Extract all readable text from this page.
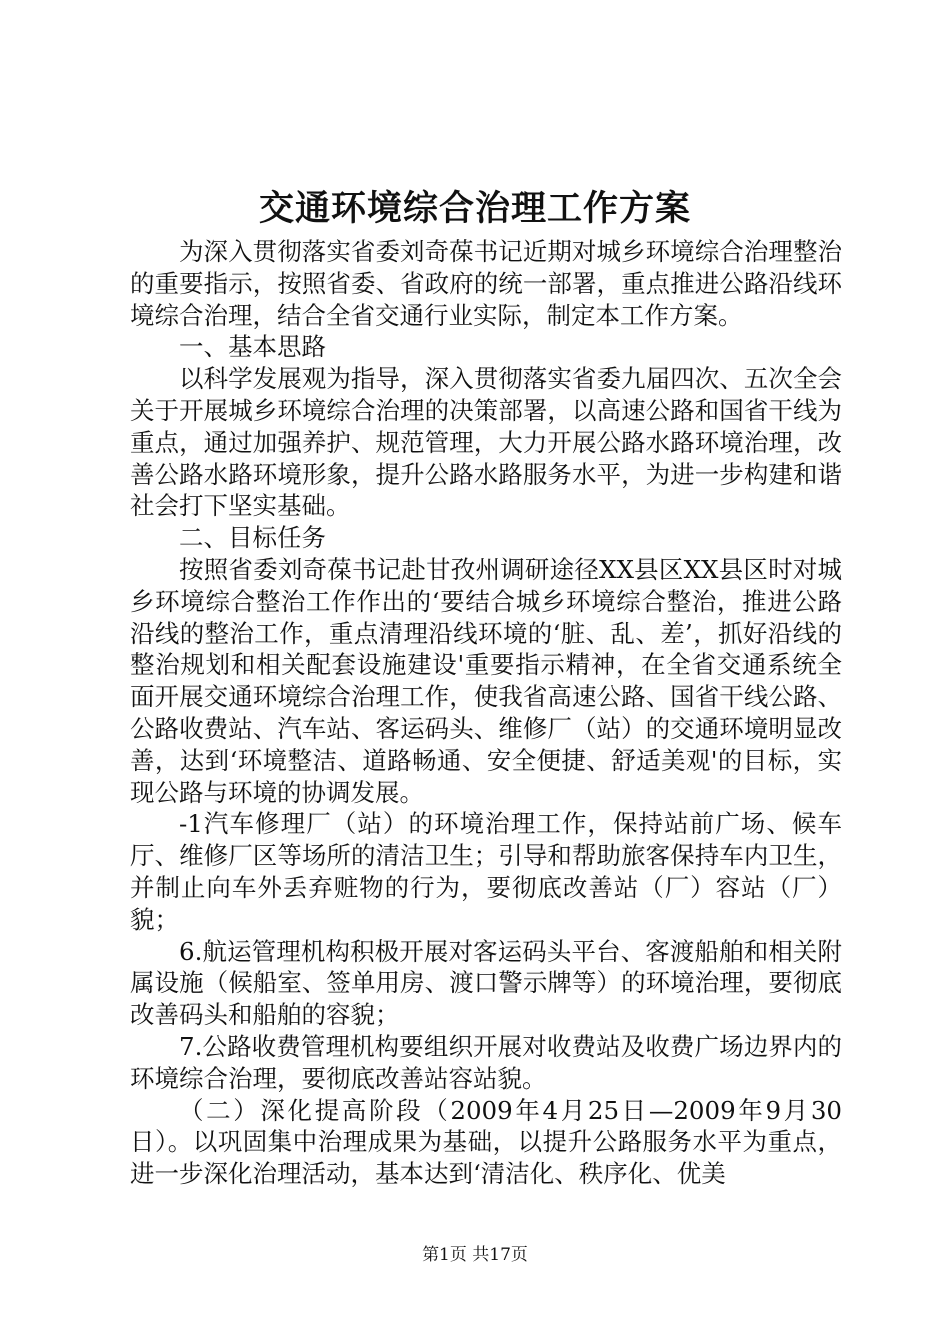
交通环境综合治理工作方案

为深入贯彻落实省委刘奇葆书记近期对城乡环境综合治理整治的重要指示，按照省委、省政府的统一部署，重点推进公路沿线环境综合治理，结合全省交通行业实际，制定本工作方案。

一、基本思路

以科学发展观为指导，深入贯彻落实省委九届四次、五次全会关于开展城乡环境综合治理的决策部署，以高速公路和国省干线为重点，通过加强养护、规范管理，大力开展公路水路环境治理，改善公路水路环境形象，提升公路水路服务水平，为进一步构建和谐社会打下坚实基础。

二、目标任务

按照省委刘奇葆书记赴甘孜州调研途径XX县区XX县区时对城乡环境综合整治工作作出的‘要结合城乡环境综合整治，推进公路沿线的整治工作，重点清理沿线环境的‘脏、乱、差’，抓好沿线的整治规划和相关配套设施建设'重要指示精神，在全省交通系统全面开展交通环境综合治理工作，使我省高速公路、国省干线公路、公路收费站、汽车站、客运码头、维修厂（站）的交通环境明显改善，达到‘环境整洁、道路畅通、安全便捷、舒适美观'的目标，实现公路与环境的协调发展。

-1汽车修理厂（站）的环境治理工作，保持站前广场、候车厅、维修厂区等场所的清洁卫生；引导和帮助旅客保持车内卫生，并制止向车外丢弃赃物的行为，要彻底改善站（厂）容站（厂）貌；

6.航运管理机构积极开展对客运码头平台、客渡船舶和相关附属设施（候船室、签单用房、渡口警示牌等）的环境治理，要彻底改善码头和船舶的容貌；

7.公路收费管理机构要组织开展对收费站及收费广场边界内的环境综合治理，要彻底改善站容站貌。

（二）深化提高阶段（2009年4月25日—2009年9月30日）。以巩固集中治理成果为基础，以提升公路服务水平为重点，进一步深化治理活动，基本达到‘清洁化、秩序化、优美

第1页 共17页
